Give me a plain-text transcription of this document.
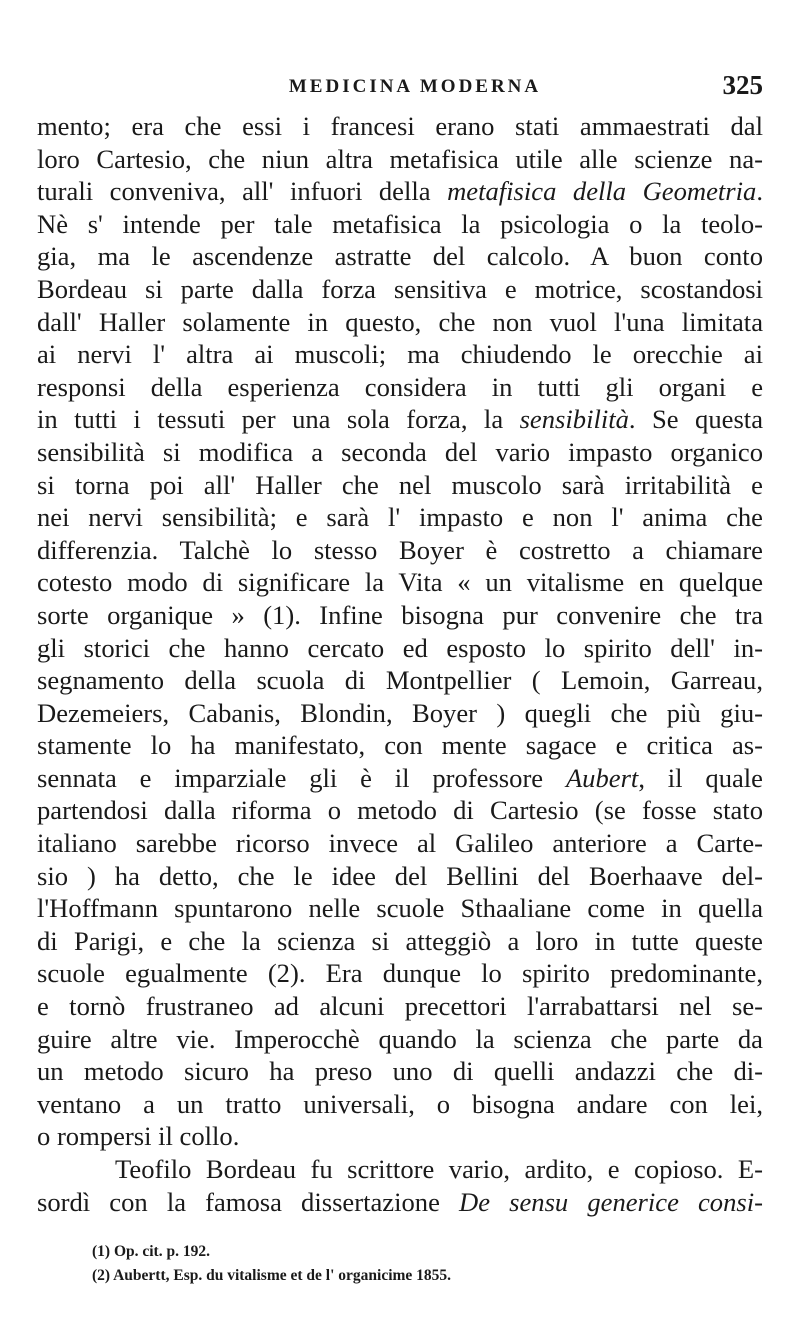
MEDICINA MODERNA	325
mento; era che essi i francesi erano stati ammaestrati dal
loro Cartesio, che niun altra metafisica utile alle scienze na-
turali conveniva, all' infuori della metafisica della Geometria.
Nè s' intende per tale metafisica la psicologia o la teolo-
gia, ma le ascendenze astratte del calcolo. A buon conto
Bordeau si parte dalla forza sensitiva e motrice, scostandosi
dall' Haller solamente in questo, che non vuol l'una limitata
ai nervi l' altra ai muscoli; ma chiudendo le orecchie ai
responsi della esperienza considera in tutti gli organi e
in tutti i tessuti per una sola forza, la sensibilità. Se questa
sensibilità si modifica a seconda del vario impasto organico
si torna poi all' Haller che nel muscolo sarà irritabilità e
nei nervi sensibilità; e sarà l' impasto e non l' anima che
differenzia. Talchè lo stesso Boyer è costretto a chiamare
cotesto modo di significare la Vita « un vitalisme en quelque
sorte organique » (1). Infine bisogna pur convenire che tra
gli storici che hanno cercato ed esposto lo spirito dell' in-
segnamento della scuola di Montpellier ( Lemoin, Garreau,
Dezemeiers, Cabanis, Blondin, Boyer ) quegli che più giu-
stamente lo ha manifestato, con mente sagace e critica as-
sennata e imparziale gli è il professore Aubert, il quale
partendosi dalla riforma o metodo di Cartesio (se fosse stato
italiano sarebbe ricorso invece al Galileo anteriore a Carte-
sio ) ha detto, che le idee del Bellini del Boerhaave del-
l'Hoffmann spuntarono nelle scuole Sthaaliane come in quella
di Parigi, e che la scienza si atteggiò a loro in tutte queste
scuole egualmente (2). Era dunque lo spirito predominante,
e tornò frustraneo ad alcuni precettori l'arrabattarsi nel se-
guire altre vie. Imperocchè quando la scienza che parte da
un metodo sicuro ha preso uno di quelli andazzi che di-
ventano a un tratto universali, o bisogna andare con lei,
o rompersi il collo.
Teofilo Bordeau fu scrittore vario, ardito, e copioso. E-
sordì con la famosa dissertazione De sensu generice consi-
(1) Op. cit. p. 192.
(2) Aubertt, Esp. du vitalisme et de l' organicime 1855.
